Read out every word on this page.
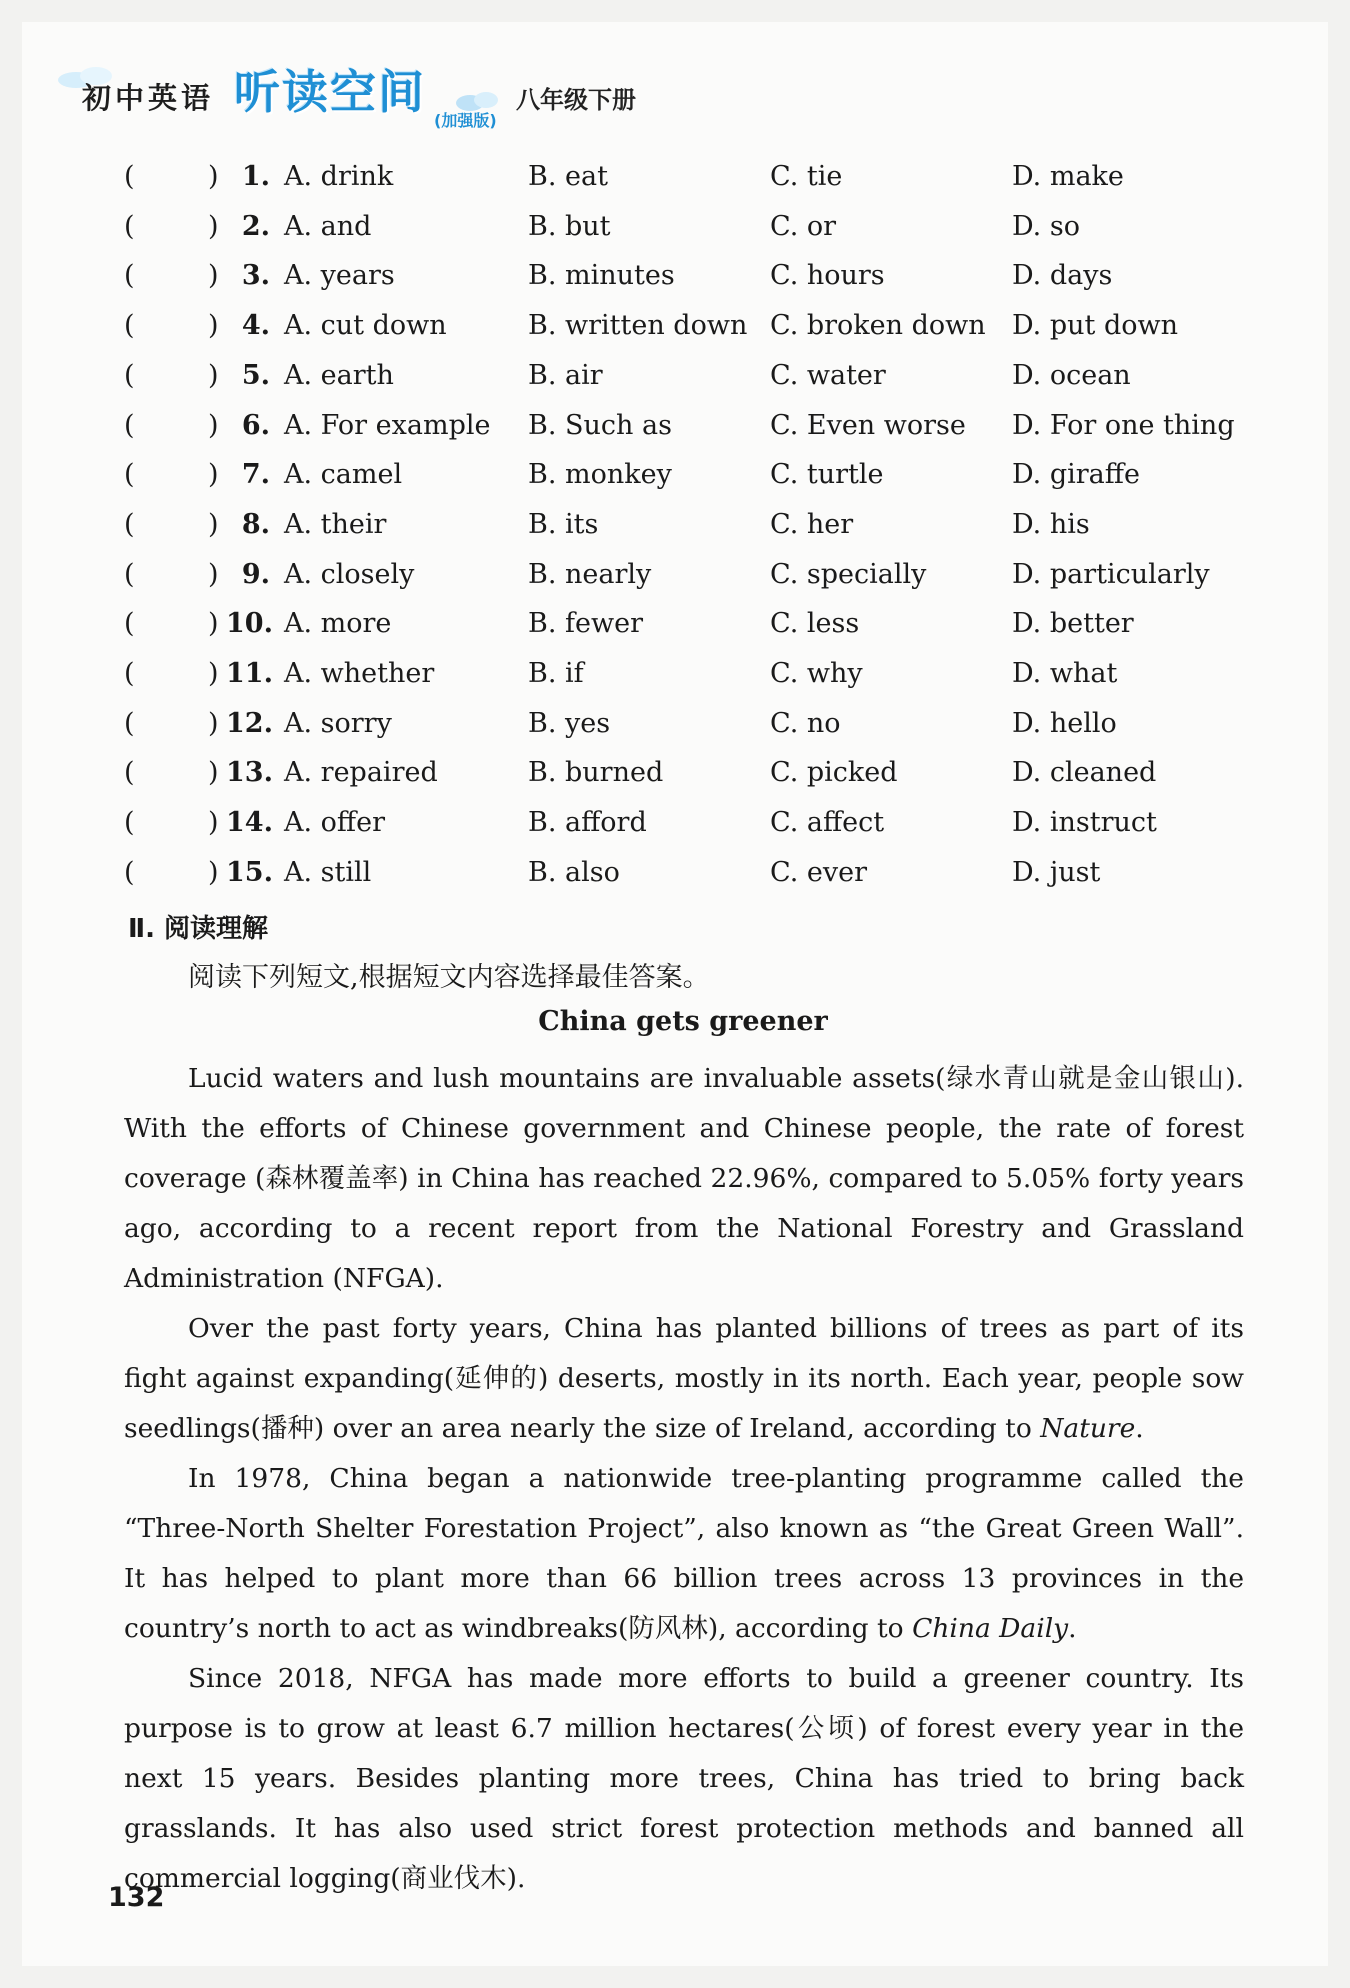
初中英语 听读空间
(加强版)
八年级下册
(	) 1. A. drink	B. eat	C. tie	D. make
(	) 2. A. and	B. but	C. or	D. so
(	) 3. A. years	B. minutes	C. hours	D. days
(	) 4. A. cut down	B. written down C. broken down D. put down
(	) 5. A. earth	B. air	C. water	D. ocean
(	) 6. A. For example B. Such as	C. Even worse D. For one thing
(	) 7. A. camel	B. monkey	C. turtle	D. giraffe
(	) 8. A. their	B. its	C. her	D. his
(	) 9. A. closely	B. nearly	C. specially	D. particularly
(	) 10. A. more	B. fewer	C. less	D. better
(	) 11. A. whether	B. if	C. why	D. what
(	) 12. A. sorry	B. yes	C. no	D. hello
(	) 13. A. repaired	B. burned	C. picked	D. cleaned
(	) 14. A. offer	B. afford	C. affect	D. instruct
(	) 15. A. still	B. also	C. ever	D. just
Ⅱ. 阅读理解
阅读下列短文,根据短文内容选择最佳答案。
China gets greener

Lucid waters and lush mountains are invaluable assets(绿水青山就是金山银山). With the efforts of Chinese government and Chinese people, the rate of forest coverage (森林覆盖率) in China has reached 22.96%, compared to 5.05% forty years ago, according to a recent report from the National Forestry and Grassland Administration (NFGA).

Over the past forty years, China has planted billions of trees as part of its fight against expanding(延伸的) deserts, mostly in its north. Each year, people sow seedlings(播种) over an area nearly the size of Ireland, according to Nature.

In 1978, China began a nationwide tree-planting programme called the “Three-North Shelter Forestation Project”, also known as “the Great Green Wall”. It has helped to plant more than 66 billion trees across 13 provinces in the country’s north to act as windbreaks(防风林), according to China Daily.

Since 2018, NFGA has made more efforts to build a greener country. Its purpose is to grow at least 6.7 million hectares(公顷) of forest every year in the next 15 years. Besides planting more trees, China has tried to bring back grasslands. It has also used strict forest protection methods and banned all commercial logging(商业伐木).

132
